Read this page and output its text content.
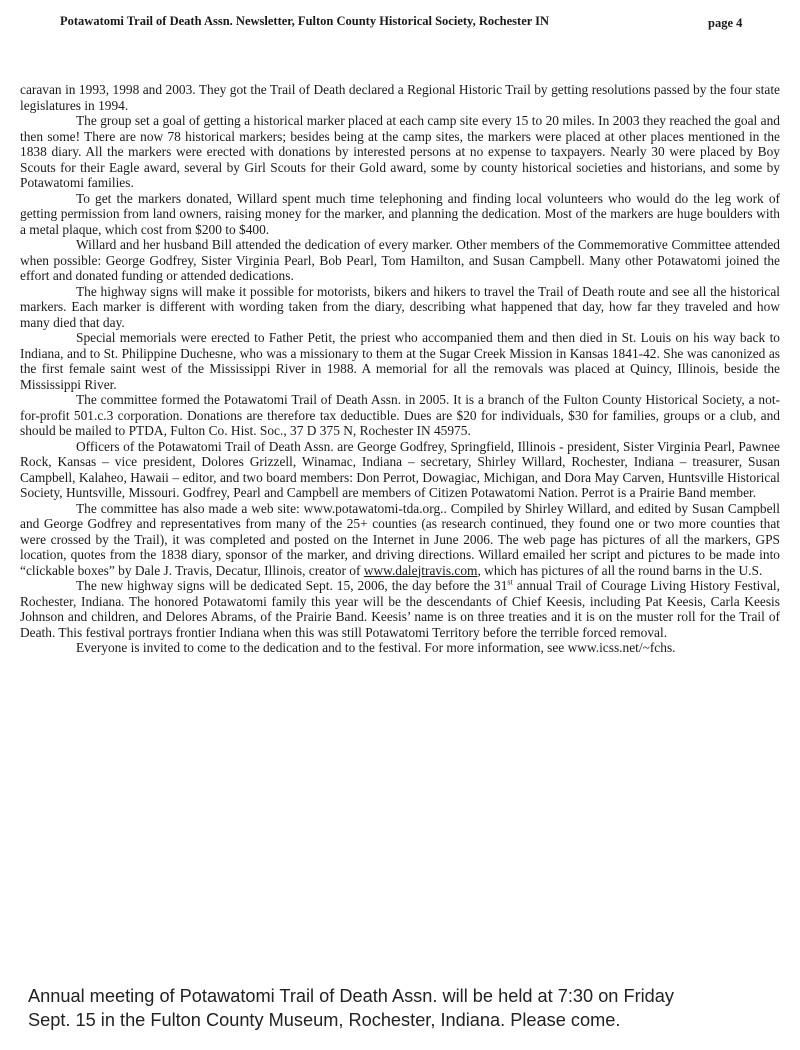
Potawatomi Trail of Death Assn. Newsletter, Fulton County Historical Society, Rochester IN	page 4

caravan in 1993, 1998 and 2003. They got the Trail of Death declared a Regional Historic Trail by getting resolutions passed by the four state legislatures in 1994.

The group set a goal of getting a historical marker placed at each camp site every 15 to 20 miles. In 2003 they reached the goal and then some! There are now 78 historical markers; besides being at the camp sites, the markers were placed at other places mentioned in the 1838 diary. All the markers were erected with donations by interested persons at no expense to taxpayers. Nearly 30 were placed by Boy Scouts for their Eagle award, several by Girl Scouts for their Gold award, some by county historical societies and historians, and some by Potawatomi families.

To get the markers donated, Willard spent much time telephoning and finding local volunteers who would do the leg work of getting permission from land owners, raising money for the marker, and planning the dedication. Most of the markers are huge boulders with a metal plaque, which cost from $200 to $400.

Willard and her husband Bill attended the dedication of every marker. Other members of the Commemorative Committee attended when possible: George Godfrey, Sister Virginia Pearl, Bob Pearl, Tom Hamilton, and Susan Campbell. Many other Potawatomi joined the effort and donated funding or attended dedications.

The highway signs will make it possible for motorists, bikers and hikers to travel the Trail of Death route and see all the historical markers. Each marker is different with wording taken from the diary, describing what happened that day, how far they traveled and how many died that day.

Special memorials were erected to Father Petit, the priest who accompanied them and then died in St. Louis on his way back to Indiana, and to St. Philippine Duchesne, who was a missionary to them at the Sugar Creek Mission in Kansas 1841-42. She was canonized as the first female saint west of the Mississippi River in 1988. A memorial for all the removals was placed at Quincy, Illinois, beside the Mississippi River.

The committee formed the Potawatomi Trail of Death Assn. in 2005. It is a branch of the Fulton County Historical Society, a not-for-profit 501.c.3 corporation. Donations are therefore tax deductible. Dues are $20 for individuals, $30 for families, groups or a club, and should be mailed to PTDA, Fulton Co. Hist. Soc., 37 D 375 N, Rochester IN 45975.

Officers of the Potawatomi Trail of Death Assn. are George Godfrey, Springfield, Illinois - president, Sister Virginia Pearl, Pawnee Rock, Kansas – vice president, Dolores Grizzell, Winamac, Indiana – secretary, Shirley Willard, Rochester, Indiana – treasurer, Susan Campbell, Kalaheo, Hawaii – editor, and two board members: Don Perrot, Dowagiac, Michigan, and Dora May Carven, Huntsville Historical Society, Huntsville, Missouri. Godfrey, Pearl and Campbell are members of Citizen Potawatomi Nation. Perrot is a Prairie Band member.

The committee has also made a web site: www.potawatomi-tda.org.. Compiled by Shirley Willard, and edited by Susan Campbell and George Godfrey and representatives from many of the 25+ counties (as research continued, they found one or two more counties that were crossed by the Trail), it was completed and posted on the Internet in June 2006. The web page has pictures of all the markers, GPS location, quotes from the 1838 diary, sponsor of the marker, and driving directions. Willard emailed her script and pictures to be made into “clickable boxes” by Dale J. Travis, Decatur, Illinois, creator of www.dalejtravis.com, which has pictures of all the round barns in the U.S.

The new highway signs will be dedicated Sept. 15, 2006, the day before the 31st annual Trail of Courage Living History Festival, Rochester, Indiana. The honored Potawatomi family this year will be the descendants of Chief Keesis, including Pat Keesis, Carla Keesis Johnson and children, and Delores Abrams, of the Prairie Band. Keesis’ name is on three treaties and it is on the muster roll for the Trail of Death. This festival portrays frontier Indiana when this was still Potawatomi Territory before the terrible forced removal.

Everyone is invited to come to the dedication and to the festival. For more information, see www.icss.net/~fchs.

Annual meeting of Potawatomi Trail of Death Assn. will be held at 7:30 on Friday
Sept. 15 in the Fulton County Museum, Rochester, Indiana. Please come.
